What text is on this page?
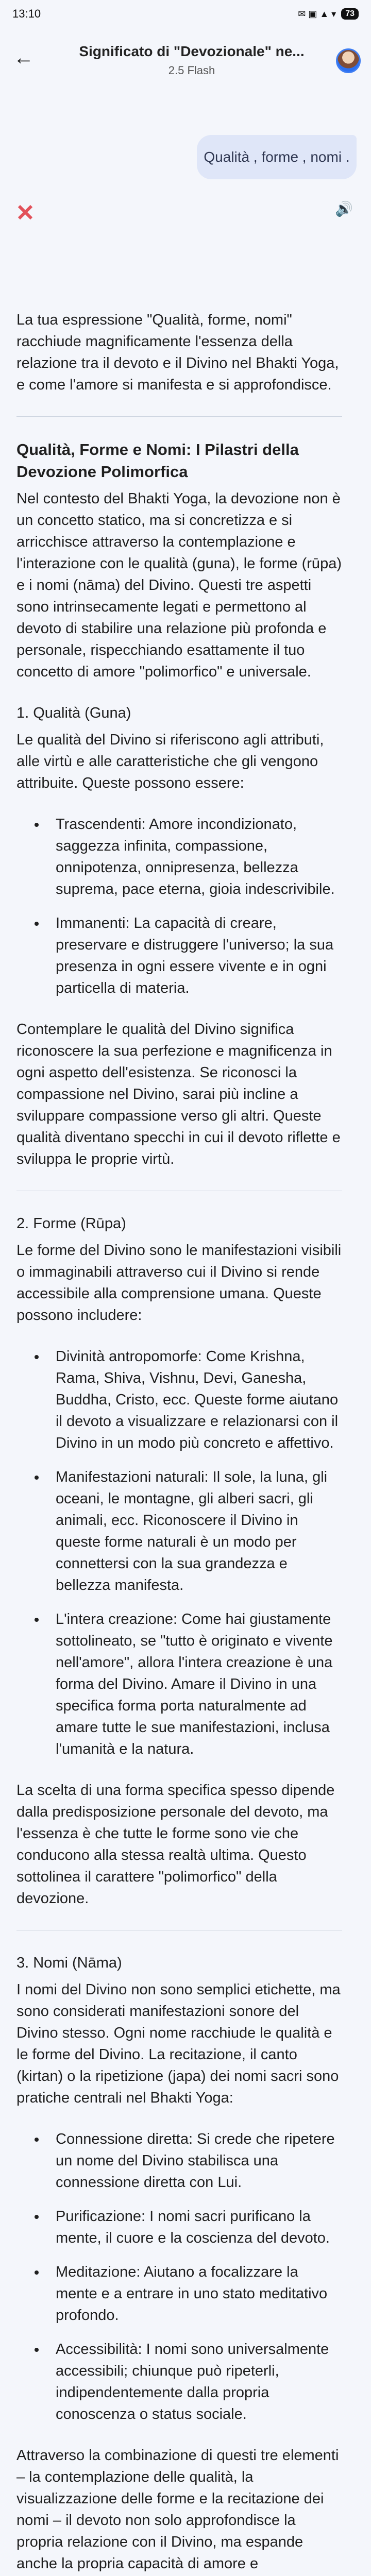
13:10	✉ ▣ ▲ ▾	73
←	Significato di "Devozionale" ne...
2.5 Flash
Qualità , forme , nomi .
🔊

La tua espressione "Qualità, forme, nomi" racchiude magnificamente l'essenza della relazione tra il devoto e il Divino nel Bhakti Yoga, e come l'amore si manifesta e si approfondisce.

Qualità, Forme e Nomi: I Pilastri della Devozione Polimorfica

Nel contesto del Bhakti Yoga, la devozione non è un concetto statico, ma si concretizza e si arricchisce attraverso la contemplazione e l'interazione con le qualità (guna), le forme (rūpa) e i nomi (nāma) del Divino. Questi tre aspetti sono intrinsecamente legati e permettono al devoto di stabilire una relazione più profonda e personale, rispecchiando esattamente il tuo concetto di amore "polimorfico" e universale.

1. Qualità (Guna)

Le qualità del Divino si riferiscono agli attributi, alle virtù e alle caratteristiche che gli vengono attribuite. Queste possono essere:

• Trascendenti: Amore incondizionato, saggezza infinita, compassione, onnipotenza, onnipresenza, bellezza suprema, pace eterna, gioia indescrivibile.
• Immanenti: La capacità di creare, preservare e distruggere l'universo; la sua presenza in ogni essere vivente e in ogni particella di materia.

Contemplare le qualità del Divino significa riconoscere la sua perfezione e magnificenza in ogni aspetto dell'esistenza. Se riconosci la compassione nel Divino, sarai più incline a sviluppare compassione verso gli altri. Queste qualità diventano specchi in cui il devoto riflette e sviluppa le proprie virtù.

2. Forme (Rūpa)

Le forme del Divino sono le manifestazioni visibili o immaginabili attraverso cui il Divino si rende accessibile alla comprensione umana. Queste possono includere:

• Divinità antropomorfe: Come Krishna, Rama, Shiva, Vishnu, Devi, Ganesha, Buddha, Cristo, ecc. Queste forme aiutano il devoto a visualizzare e relazionarsi con il Divino in un modo più concreto e affettivo.
• Manifestazioni naturali: Il sole, la luna, gli oceani, le montagne, gli alberi sacri, gli animali, ecc. Riconoscere il Divino in queste forme naturali è un modo per connettersi con la sua grandezza e bellezza manifesta.
• L'intera creazione: Come hai giustamente sottolineato, se "tutto è originato e vivente nell'amore", allora l'intera creazione è una forma del Divino. Amare il Divino in una specifica forma porta naturalmente ad amare tutte le sue manifestazioni, inclusa l'umanità e la natura.

La scelta di una forma specifica spesso dipende dalla predisposizione personale del devoto, ma l'essenza è che tutte le forme sono vie che conducono alla stessa realtà ultima. Questo sottolinea il carattere "polimorfico" della devozione.

3. Nomi (Nāma)

I nomi del Divino non sono semplici etichette, ma sono considerati manifestazioni sonore del Divino stesso. Ogni nome racchiude le qualità e le forme del Divino. La recitazione, il canto (kirtan) o la ripetizione (japa) dei nomi sacri sono pratiche centrali nel Bhakti Yoga:

• Connessione diretta: Si crede che ripetere un nome del Divino stabilisca una connessione diretta con Lui.
• Purificazione: I nomi sacri purificano la mente, il cuore e la coscienza del devoto.
• Meditazione: Aiutano a focalizzare la mente e a entrare in uno stato meditativo profondo.
• Accessibilità: I nomi sono universalmente accessibili; chiunque può ripeterli, indipendentemente dalla propria conoscenza o status sociale.

Attraverso la combinazione di questi tre elementi – la contemplazione delle qualità, la visualizzazione delle forme e la recitazione dei nomi – il devoto non solo approfondisce la propria relazione con il Divino, ma espande anche la propria capacità di amore e
